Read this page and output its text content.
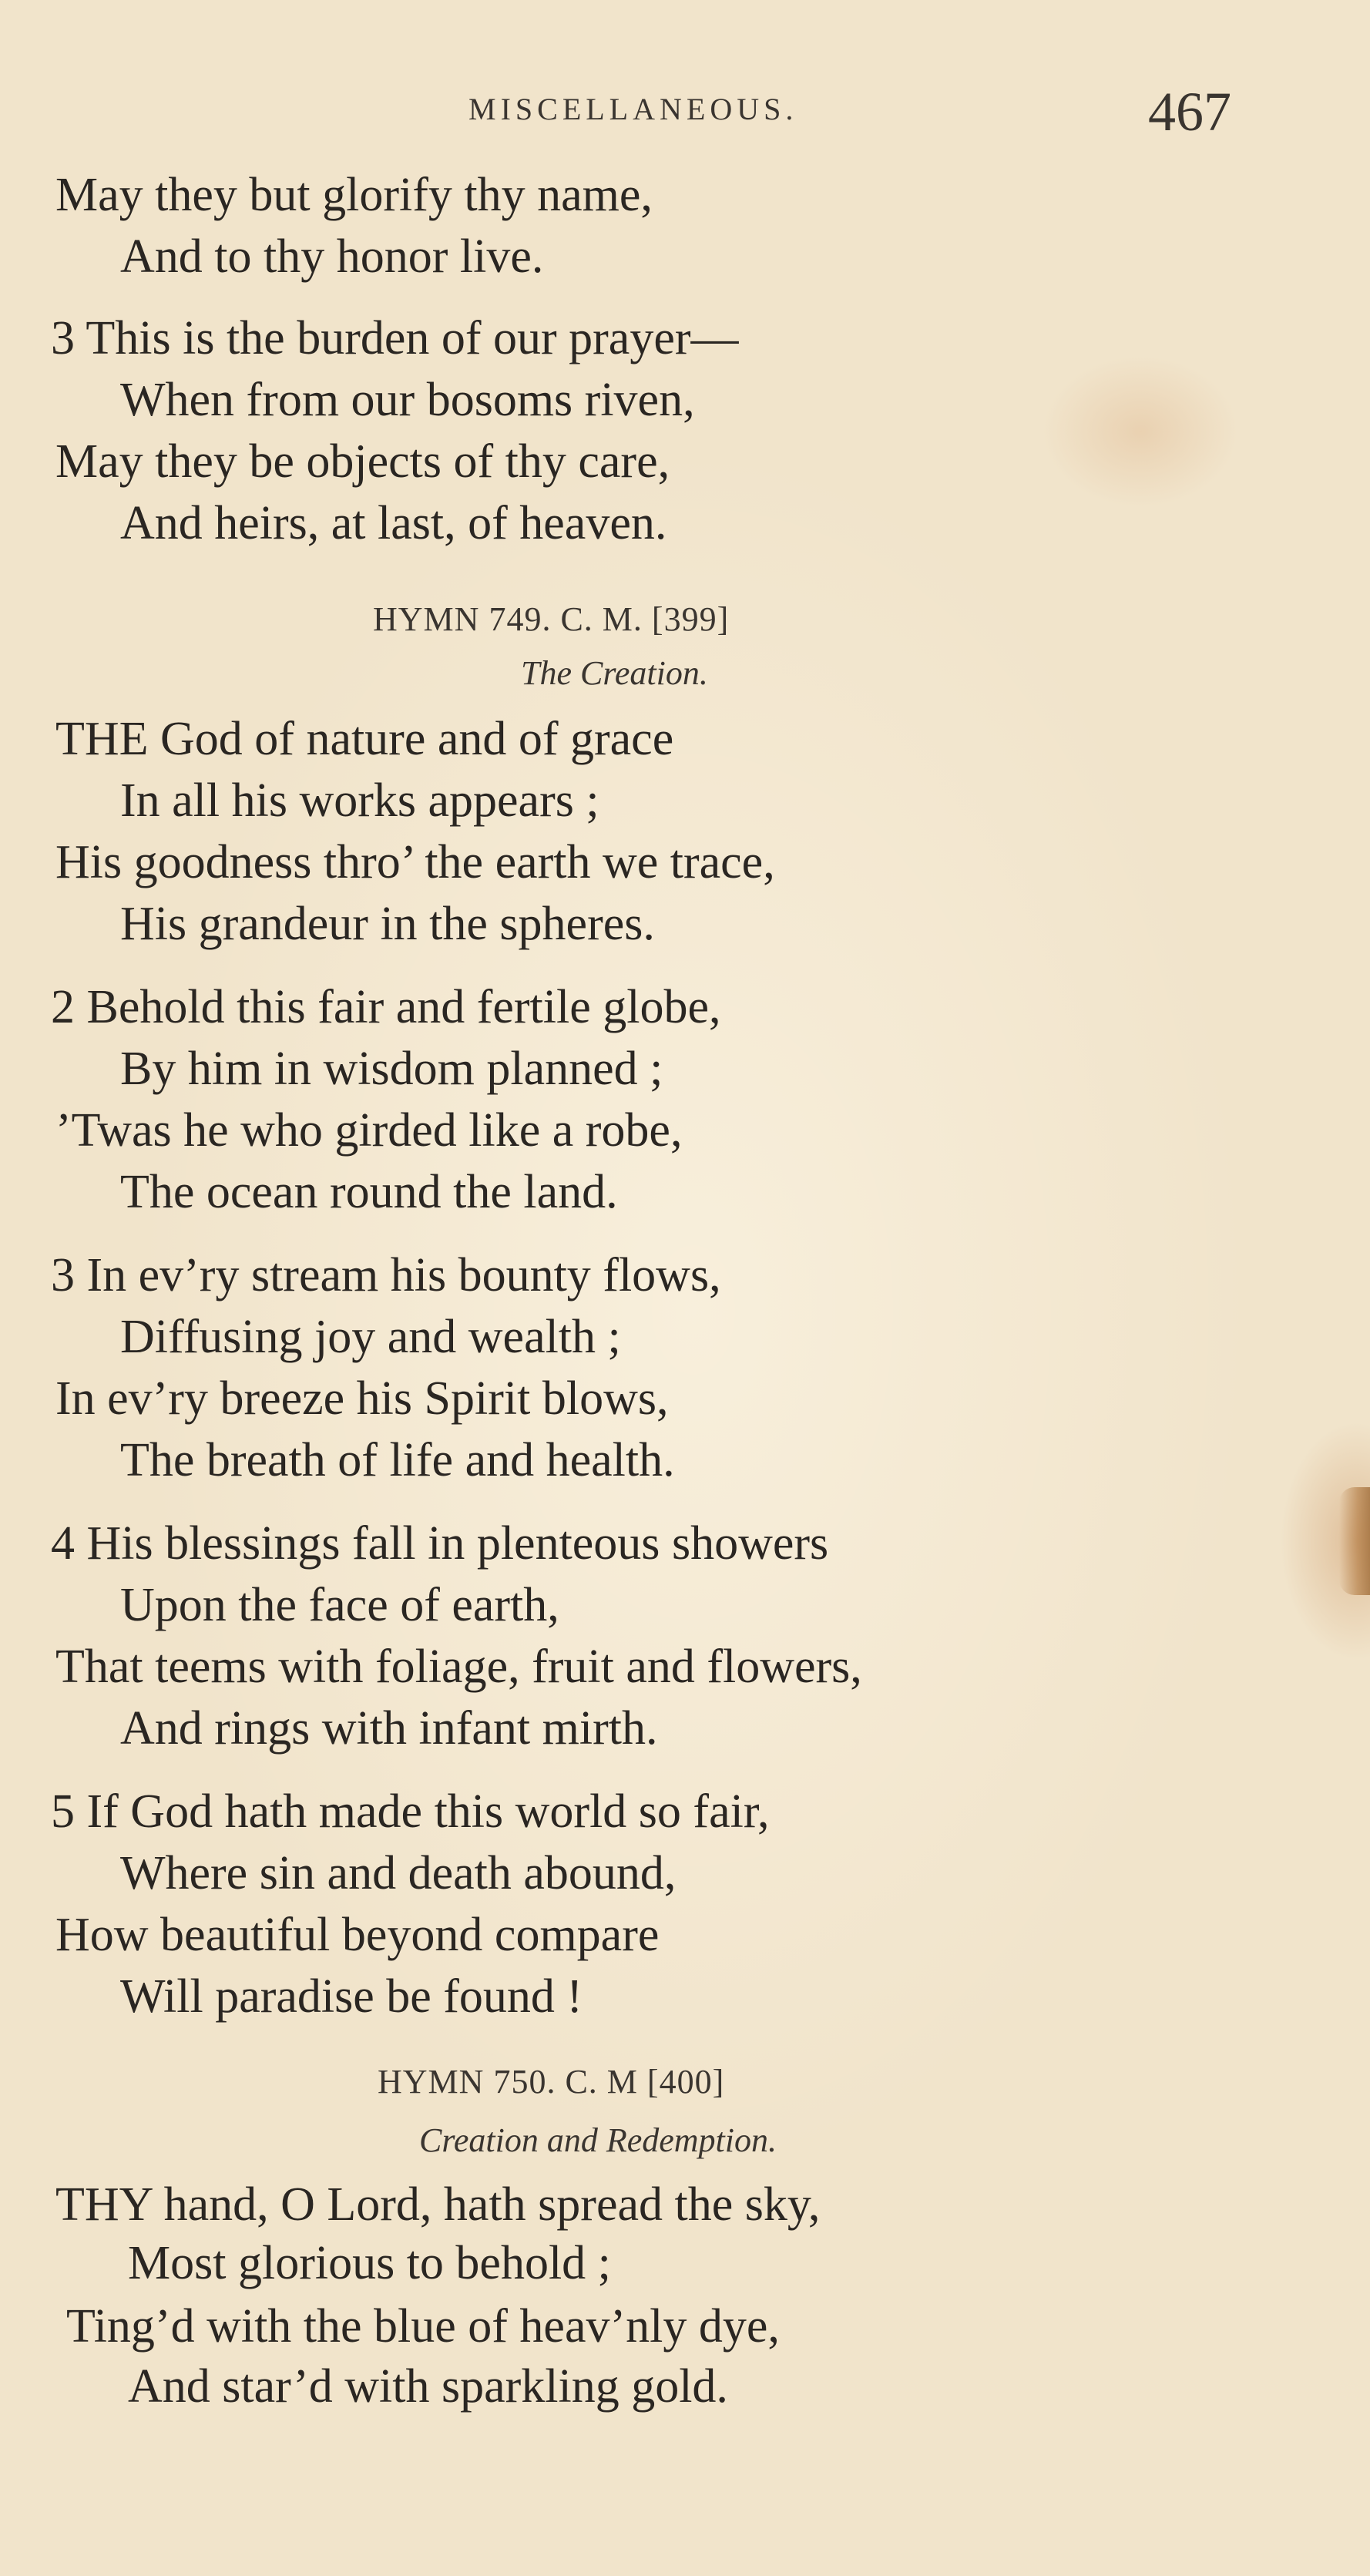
MISCELLANEOUS.	467
May they but glorify thy name,
And to thy honor live.
3 This is the burden of our prayer—
When from our bosoms riven,
May they be objects of thy care,
And heirs, at last, of heaven.
HYMN 749. C. M. [399]
The Creation.
THE God of nature and of grace
In all his works appears ;
His goodness thro’ the earth we trace,
His grandeur in the spheres.
2 Behold this fair and fertile globe,
By him in wisdom planned ;
’Twas he who girded like a robe,
The ocean round the land.
3 In ev’ry stream his bounty flows,
Diffusing joy and wealth ;
In ev’ry breeze his Spirit blows,
The breath of life and health.
4 His blessings fall in plenteous showers
Upon the face of earth,
That teems with foliage, fruit and flowers,
And rings with infant mirth.
5 If God hath made this world so fair,
Where sin and death abound,
How beautiful beyond compare
Will paradise be found !
HYMN 750. C. M [400]
Creation and Redemption.
THY hand, O Lord, hath spread the sky,
Most glorious to behold ;
Ting’d with the blue of heav’nly dye,
And star’d with sparkling gold.
